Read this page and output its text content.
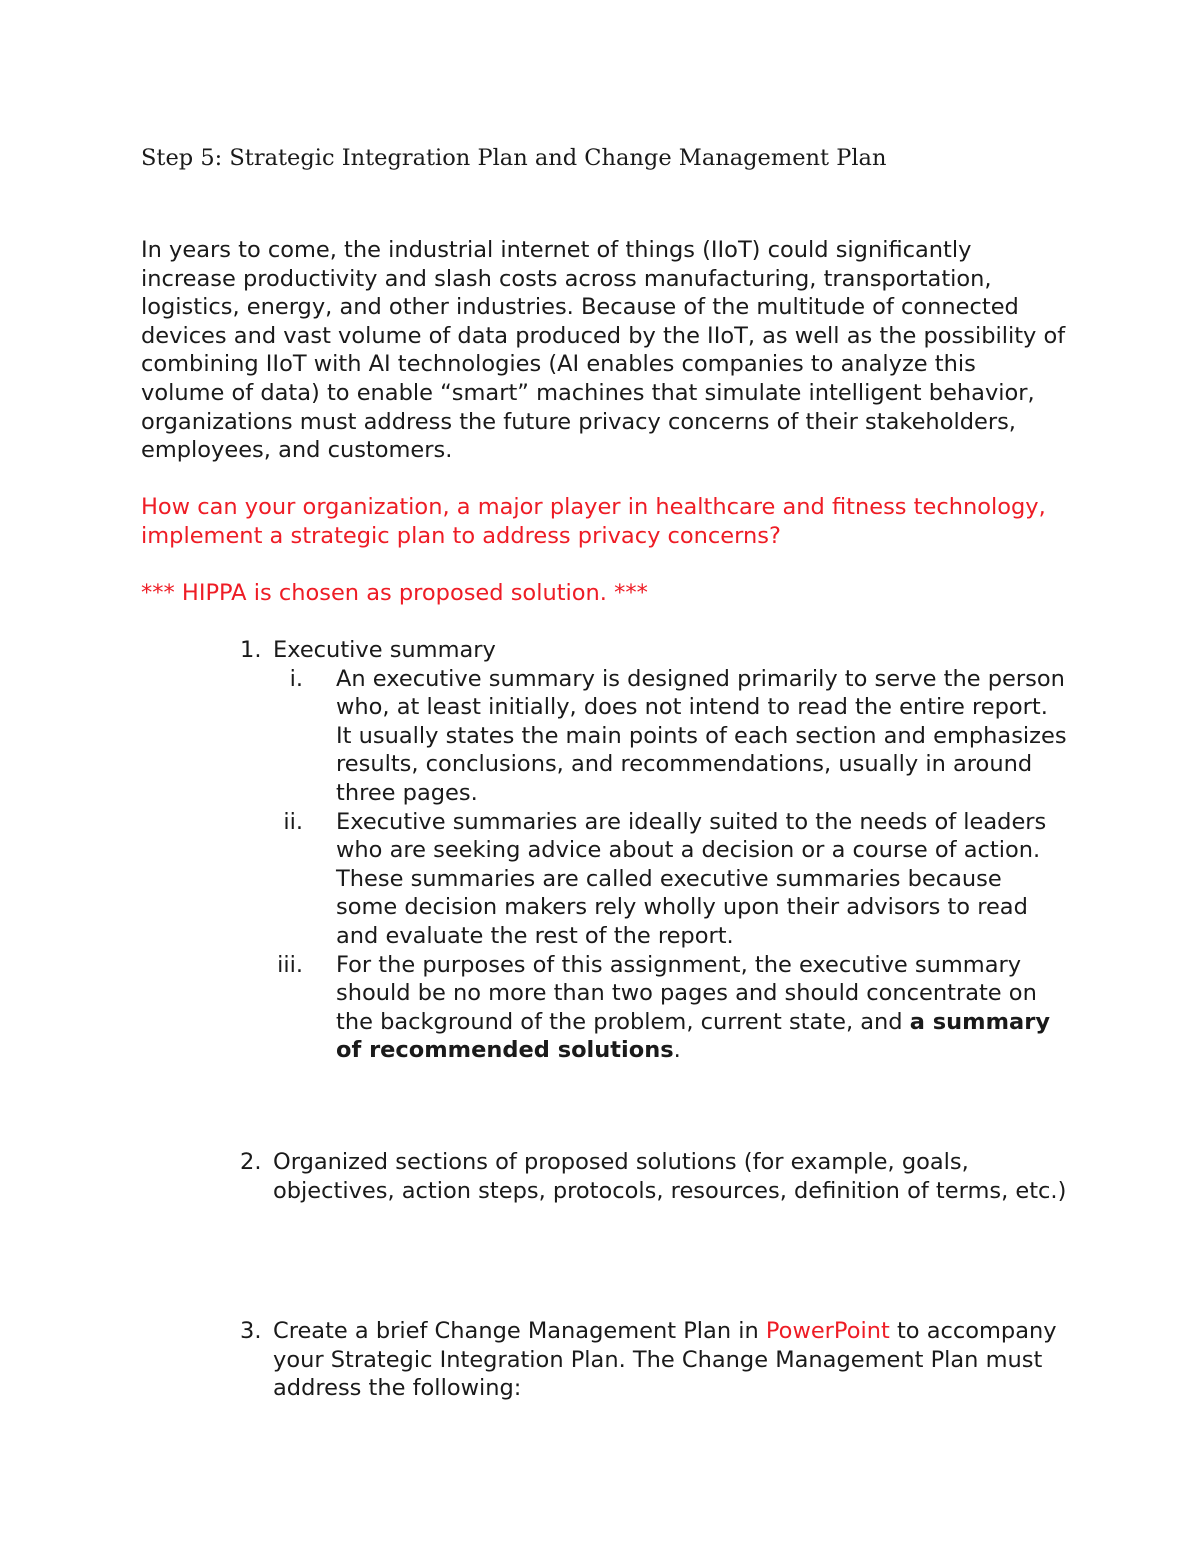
Step 5: Strategic Integration Plan and Change Management Plan

In years to come, the industrial internet of things (IIoT) could significantly increase productivity and slash costs across manufacturing, transportation, logistics, energy, and other industries. Because of the multitude of connected devices and vast volume of data produced by the IIoT, as well as the possibility of combining IIoT with AI technologies (AI enables companies to analyze this volume of data) to enable “smart” machines that simulate intelligent behavior, organizations must address the future privacy concerns of their stakeholders, employees, and customers.

How can your organization, a major player in healthcare and fitness technology, implement a strategic plan to address privacy concerns?

*** HIPPA is chosen as proposed solution. ***

1. Executive summary
i. An executive summary is designed primarily to serve the person who, at least initially, does not intend to read the entire report. It usually states the main points of each section and emphasizes results, conclusions, and recommendations, usually in around three pages.
ii. Executive summaries are ideally suited to the needs of leaders who are seeking advice about a decision or a course of action. These summaries are called executive summaries because some decision makers rely wholly upon their advisors to read and evaluate the rest of the report.
iii. For the purposes of this assignment, the executive summary should be no more than two pages and should concentrate on the background of the problem, current state, and a summary of recommended solutions.
2. Organized sections of proposed solutions (for example, goals, objectives, action steps, protocols, resources, definition of terms, etc.)
3. Create a brief Change Management Plan in PowerPoint to accompany your Strategic Integration Plan. The Change Management Plan must address the following:
